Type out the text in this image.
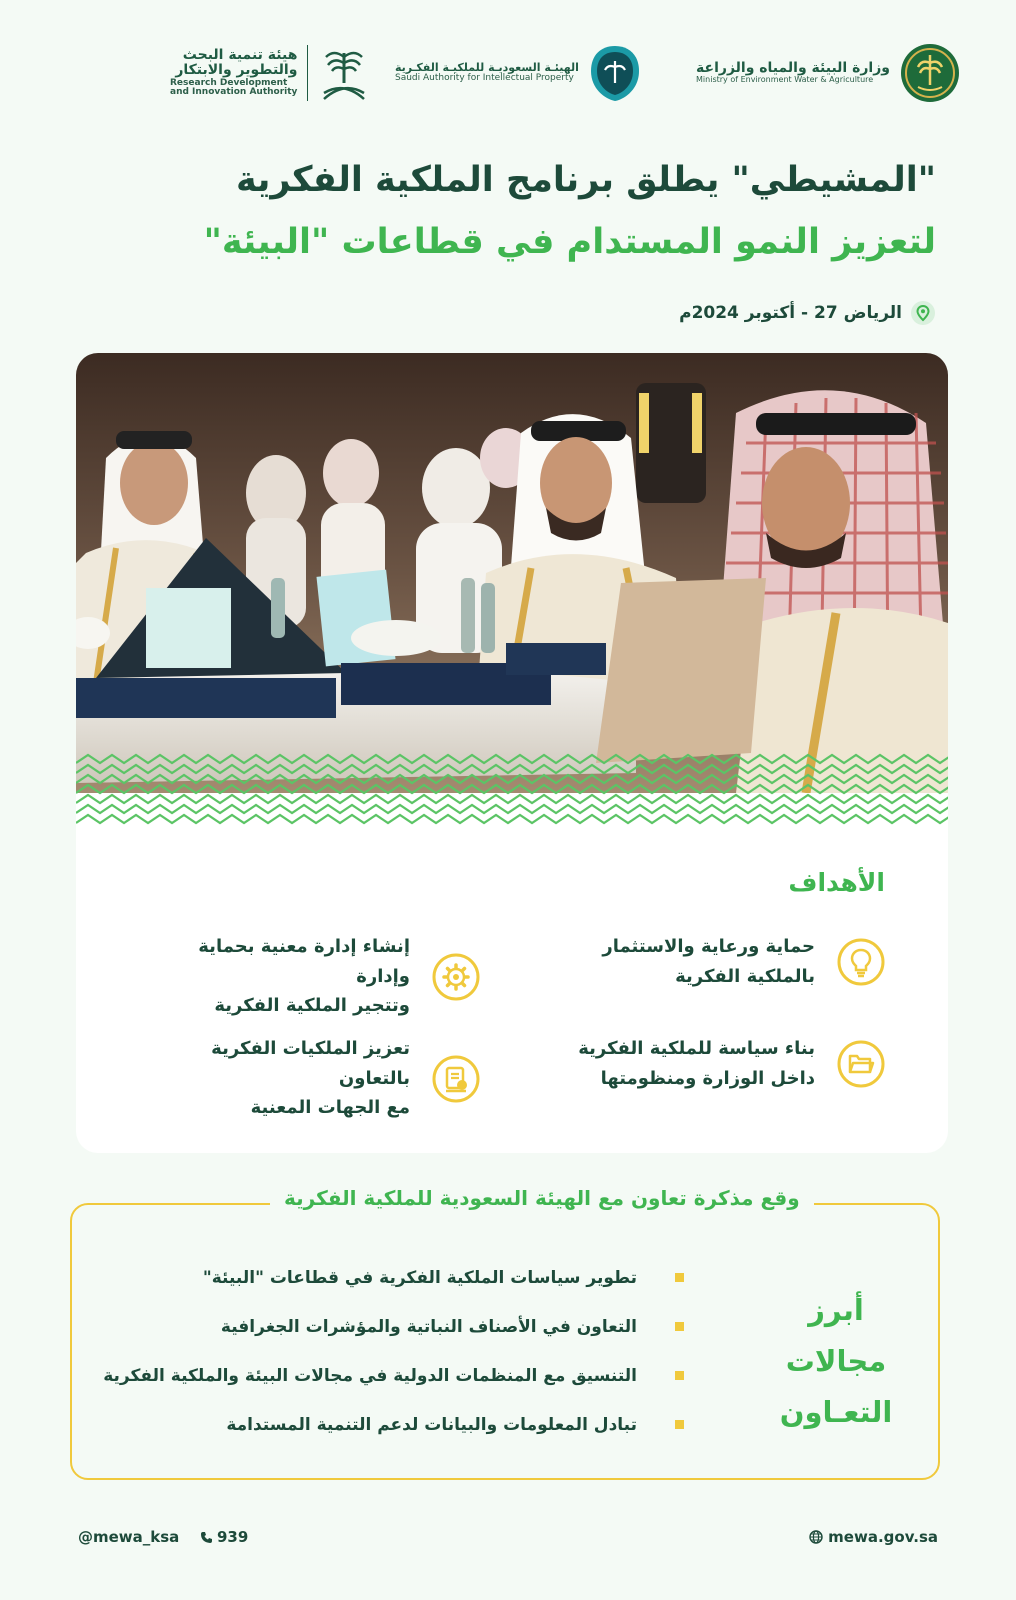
وزارة البيئة والمياه والزراعة
Ministry of Environment Water & Agriculture
الهيئـة السعوديـة للملكيـة الفكـرية
Saudi Authority for Intellectual Property
هيئة تنمية البحث
والتطوير والابتكار
Research Development
and Innovation Authority
"المشيطي" يطلق برنامج الملكية الفكرية
لتعزيز النمو المستدام في قطاعات "البيئة"
الرياض 27 - أكتوبر 2024م
الأهداف
حماية ورعاية والاستثمار
بالملكية الفكرية
إنشاء إدارة معنية بحماية وإدارة
وتتجير الملكية الفكرية
بناء سياسة للملكية الفكرية
داخل الوزارة ومنظومتها
تعزيز الملكيات الفكرية بالتعاون
مع الجهات المعنية
وقع مذكرة تعاون مع الهيئة السعودية للملكية الفكرية
أبرز مجالات
التعـاون
تطوير سياسات الملكية الفكرية في قطاعات "البيئة"
التعاون في الأصناف النباتية والمؤشرات الجغرافية
التنسيق مع المنظمات الدولية في مجالات البيئة والملكية الفكرية
تبادل المعلومات والبيانات لدعم التنمية المستدامة
@mewa_ksa	939	mewa.gov.sa
